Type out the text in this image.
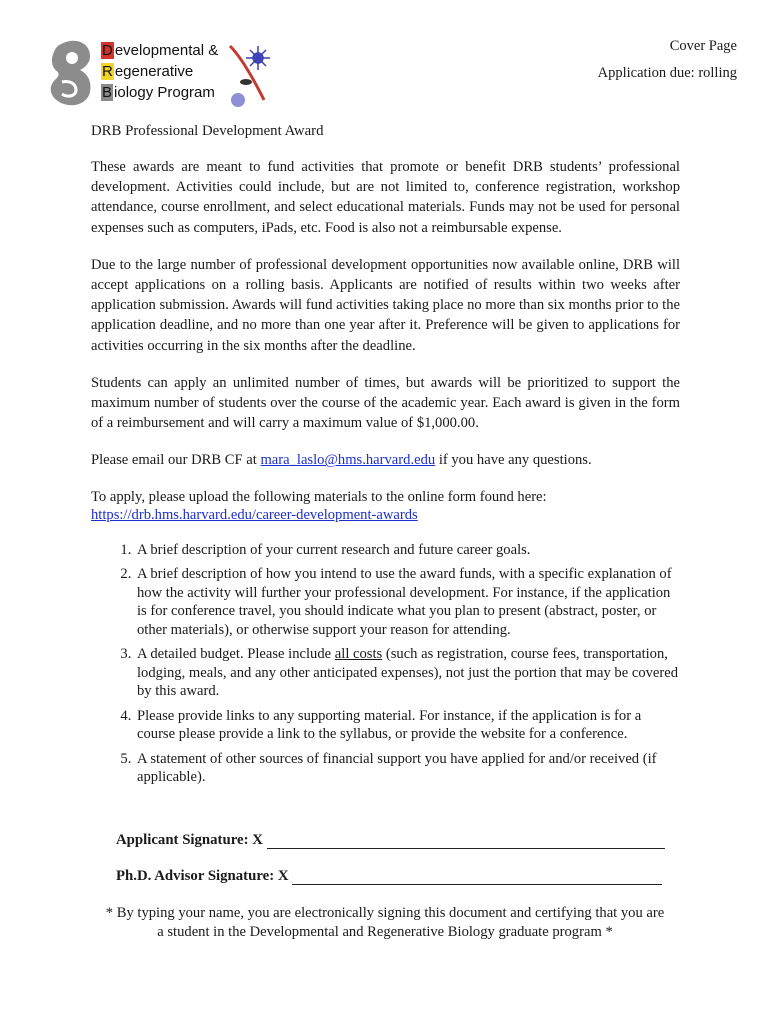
D evelopmental &
R egenerative
B iology Program
Cover Page
Application due: rolling
DRB Professional Development Award

These awards are meant to fund activities that promote or benefit DRB students’ professional development. Activities could include, but are not limited to, conference registration, workshop attendance, course enrollment, and select educational materials. Funds may not be used for personal expenses such as computers, iPads, etc. Food is also not a reimbursable expense.

Due to the large number of professional development opportunities now available online, DRB will accept applications on a rolling basis. Applicants are notified of results within two weeks after application submission. Awards will fund activities taking place no more than six months prior to the application deadline, and no more than one year after it. Preference will be given to applications for activities occurring in the six months after the deadline.

Students can apply an unlimited number of times, but awards will be prioritized to support the maximum number of students over the course of the academic year. Each award is given in the form of a reimbursement and will carry a maximum value of $1,000.00.

Please email our DRB CF at mara_laslo@hms.harvard.edu if you have any questions.

To apply, please upload the following materials to the online form found here:
https://drb.hms.harvard.edu/career-development-awards

1. A brief description of your current research and future career goals.
2. A brief description of how you intend to use the award funds, with a specific explanation of how the activity will further your professional development. For instance, if the application is for conference travel, you should indicate what you plan to present (abstract, poster, or other materials), or otherwise support your reason for attending.
3. A detailed budget. Please include all costs (such as registration, course fees, transportation, lodging, meals, and any other anticipated expenses), not just the portion that may be covered by this award.
4. Please provide links to any supporting material. For instance, if the application is for a course please provide a link to the syllabus, or provide the website for a conference.
5. A statement of other sources of financial support you have applied for and/or received (if applicable).
Applicant Signature: X
Ph.D. Advisor Signature: X
* By typing your name, you are electronically signing this document and certifying that you are
a student in the Developmental and Regenerative Biology graduate program *
